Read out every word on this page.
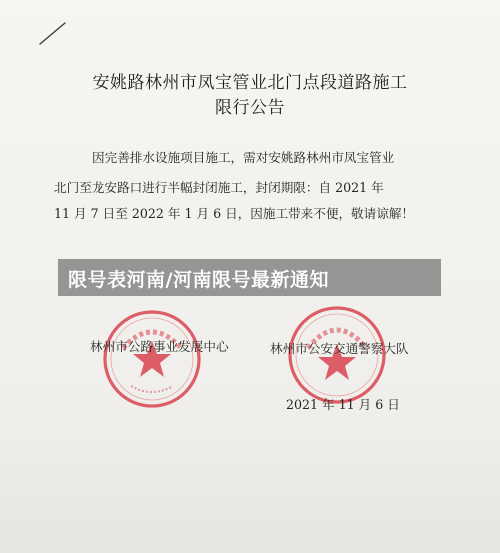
安姚路林州市凤宝管业北门点段道路施工
限行公告
因完善排水设施项目施工，需对安姚路林州市凤宝管业
北门至龙安路口进行半幅封闭施工，封闭期限：自 2021 年
11 月 7 日至 2022 年 1 月 6 日，因施工带来不便，敬请谅解！
林州市公路事业发展中心	林州市公安交通警察大队
2021 年 11 月 6 日
限号表河南/河南限号最新通知
